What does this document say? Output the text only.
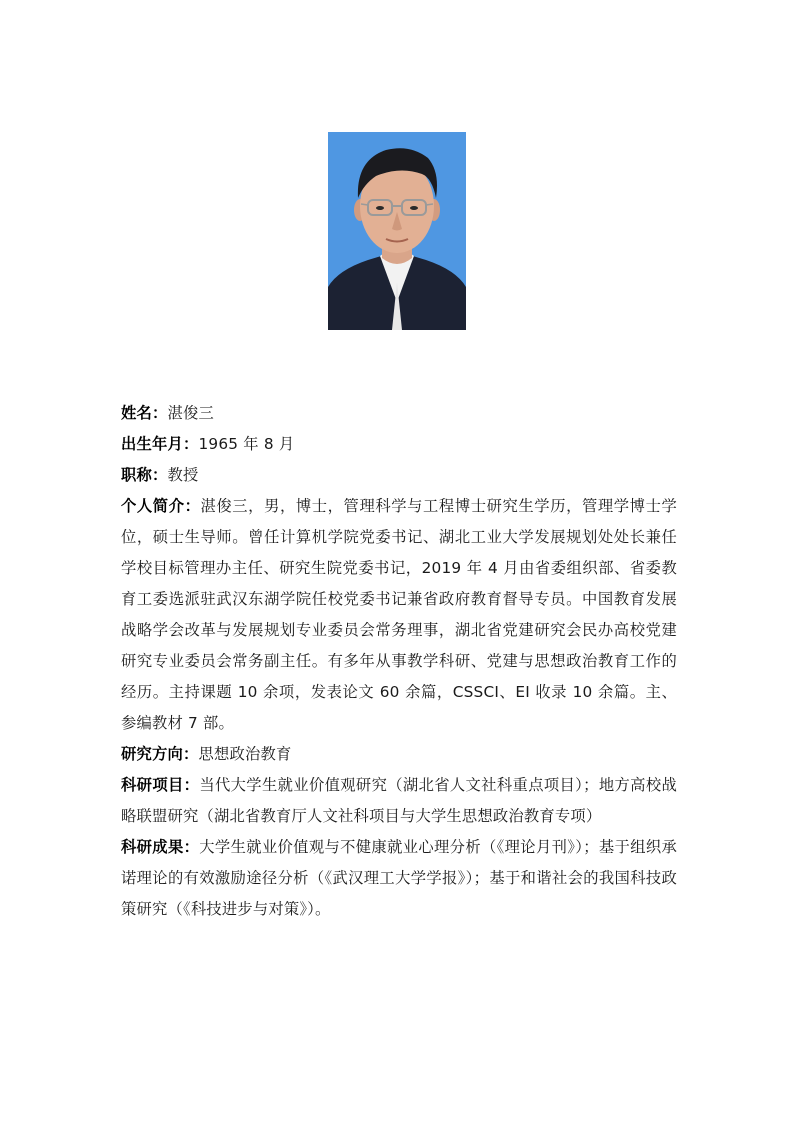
姓名：湛俊三

出生年月：1965 年 8 月

职称：教授

个人简介：湛俊三，男，博士，管理科学与工程博士研究生学历，管理学博士学位，硕士生导师。曾任计算机学院党委书记、湖北工业大学发展规划处处长兼任学校目标管理办主任、研究生院党委书记，2019 年 4 月由省委组织部、省委教育工委选派驻武汉东湖学院任校党委书记兼省政府教育督导专员。中国教育发展战略学会改革与发展规划专业委员会常务理事，湖北省党建研究会民办高校党建研究专业委员会常务副主任。有多年从事教学科研、党建与思想政治教育工作的经历。主持课题 10 余项，发表论文 60 余篇，CSSCI、EI 收录 10 余篇。主、参编教材 7 部。

研究方向：思想政治教育

科研项目：当代大学生就业价值观研究（湖北省人文社科重点项目）；地方高校战略联盟研究（湖北省教育厅人文社科项目与大学生思想政治教育专项）

科研成果：大学生就业价值观与不健康就业心理分析（《理论月刊》）；基于组织承诺理论的有效激励途径分析（《武汉理工大学学报》）；基于和谐社会的我国科技政策研究（《科技进步与对策》）。
